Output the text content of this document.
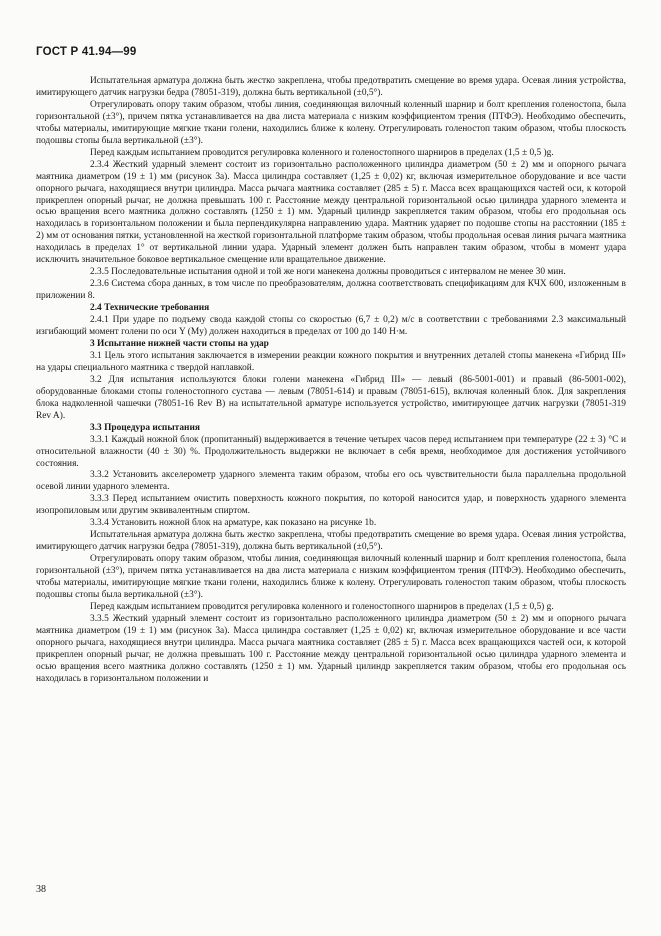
ГОСТ Р 41.94—99

Испытательная арматура должна быть жестко закреплена, чтобы предотвратить смещение во время удара. Осевая линия устройства, имитирующего датчик нагрузки бедра (78051-319), должна быть вертикальной (±0,5°).

Отрегулировать опору таким образом, чтобы линия, соединяющая вилочный коленный шарнир и болт крепления голеностопа, была горизонтальной (±3°), причем пятка устанавливается на два листа материала с низким коэффициентом трения (ПТФЭ). Необходимо обеспечить, чтобы материалы, имитирующие мягкие ткани голени, находились ближе к колену. Отрегулировать голеностоп таким образом, чтобы плоскость подошвы стопы была вертикальной (±3°).

Перед каждым испытанием проводится регулировка коленного и голеностопного шарниров в пределах (1,5 ± 0,5 )g.

2.3.4 Жесткий ударный элемент состоит из горизонтально расположенного цилиндра диаметром (50 ± 2) мм и опорного рычага маятника диаметром (19 ± 1) мм (рисунок 3а). Масса цилиндра составляет (1,25 ± 0,02) кг, включая измерительное оборудование и все части опорного рычага, находящиеся внутри цилиндра. Масса рычага маятника составляет (285 ± 5) г. Масса всех вращающихся частей оси, к которой прикреплен опорный рычаг, не должна превышать 100 г. Расстояние между центральной горизонтальной осью цилиндра ударного элемента и осью вращения всего маятника должно составлять (1250 ± 1) мм. Ударный цилиндр закрепляется таким образом, чтобы его продольная ось находилась в горизонтальном положении и была перпендикулярна направлению удара. Маятник ударяет по подошве стопы на расстоянии (185 ± 2) мм от основания пятки, установленной на жесткой горизонтальной платформе таким образом, чтобы продольная осевая линия рычага маятника находилась в пределах 1° от вертикальной линии удара. Ударный элемент должен быть направлен таким образом, чтобы в момент удара исключить значительное боковое вертикальное смещение или вращательное движение.

2.3.5 Последовательные испытания одной и той же ноги манекена должны проводиться с интервалом не менее 30 мин.

2.3.6 Система сбора данных, в том числе по преобразователям, должна соответствовать спецификациям для КЧХ 600, изложенным в приложении 8.

2.4 Технические требования

2.4.1 При ударе по подъему свода каждой стопы со скоростью (6,7 ± 0,2) м/с в соответствии с требованиями 2.3 максимальный изгибающий момент голени по оси Y (My) должен находиться в пределах от 100 до 140 Н·м.

3 Испытание нижней части стопы на удар

3.1 Цель этого испытания заключается в измерении реакции кожного покрытия и внутренних деталей стопы манекена «Гибрид III» на удары специального маятника с твердой наплавкой.

3.2 Для испытания используются блоки голени манекена «Гибрид III» — левый (86-5001-001) и правый (86-5001-002), оборудованные блоками стопы голеностопного сустава — левым (78051-614) и правым (78051-615), включая коленный блок. Для закрепления блока надколенной чашечки (78051-16 Rev В) на испытательной арматуре используется устройство, имитирующее датчик нагрузки (78051-319 Rev A).

3.3 Процедура испытания

3.3.1 Каждый ножной блок (пропитанный) выдерживается в течение четырех часов перед испытанием при температуре (22 ± 3) °С и относительной влажности (40 ± 30) %. Продолжительность выдержки не включает в себя время, необходимое для достижения устойчивого состояния.

3.3.2 Установить акселерометр ударного элемента таким образом, чтобы его ось чувствительности была параллельна продольной осевой линии ударного элемента.

3.3.3 Перед испытанием очистить поверхность кожного покрытия, по которой наносится удар, и поверхность ударного элемента изопропиловым или другим эквивалентным спиртом.

3.3.4 Установить ножной блок на арматуре, как показано на рисунке 1b.

Испытательная арматура должна быть жестко закреплена, чтобы предотвратить смещение во время удара. Осевая линия устройства, имитирующего датчик нагрузки бедра (78051-319), должна быть вертикальной (±0,5°).

Отрегулировать опору таким образом, чтобы линия, соединяющая вилочный коленный шарнир и болт крепления голеностопа, была горизонтальной (±3°), причем пятка устанавливается на два листа материала с низким коэффициентом трения (ПТФЭ). Необходимо обеспечить, чтобы материалы, имитирующие мягкие ткани голени, находились ближе к колену. Отрегулировать голеностоп таким образом, чтобы плоскость подошвы стопы была вертикальной (±3°).

Перед каждым испытанием проводится регулировка коленного и голеностопного шарниров в пределах (1,5 ± 0,5) g.

3.3.5 Жесткий ударный элемент состоит из горизонтально расположенного цилиндра диаметром (50 ± 2) мм и опорного рычага маятника диаметром (19 ± 1) мм (рисунок 3а). Масса цилиндра составляет (1,25 ± 0,02) кг, включая измерительное оборудование и все части опорного рычага, находящиеся внутри цилиндра. Масса рычага маятника составляет (285 ± 5) г. Масса всех вращающихся частей оси, к которой прикреплен опорный рычаг, не должна превышать 100 г. Расстояние между центральной горизонтальной осью цилиндра ударного элемента и осью вращения всего маятника должно составлять (1250 ± 1) мм. Ударный цилиндр закрепляется таким образом, чтобы его продольная ось находилась в горизонтальном положении и

38
